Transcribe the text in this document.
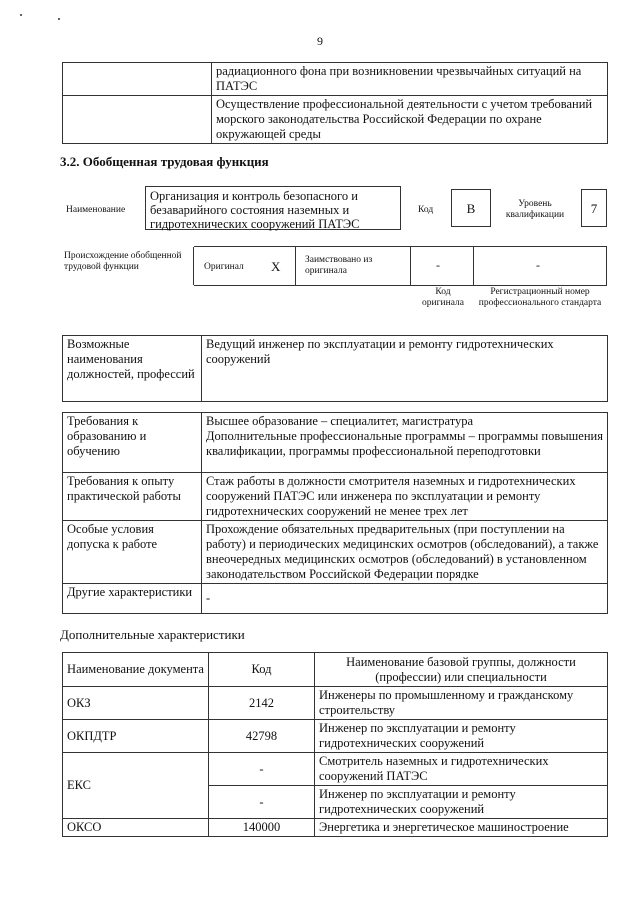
9
	радиационного фона при возникновении чрезвычайных ситуаций на ПАТЭС
	Осуществление профессиональной деятельности с учетом требований морского законодательства Российской Федерации по охране окружающей среды
3.2. Обобщенная трудовая функция
Наименование
Организация и контроль безопасного и безаварийного состояния наземных и гидротехнических сооружений ПАТЭС
Код	B	Уровень квалификации	7
Происхождение обобщенной трудовой функции	Оригинал X	Заимствовано из оригинала	-	-
Код оригинала
Регистрационный номер профессионального стандарта
Возможные наименования должностей, профессий	Ведущий инженер по эксплуатации и ремонту гидротехнических сооружений
Требования к образованию и обучению	Высшее образование – специалитет, магистратура
Дополнительные профессиональные программы – программы повышения квалификации, программы профессиональной переподготовки

Требования к опыту практической работы	Стаж работы в должности смотрителя наземных и гидротехнических сооружений ПАТЭС или инженера по эксплуатации и ремонту гидротехнических сооружений не менее трех лет
Особые условия допуска к работе	Прохождение обязательных предварительных (при поступлении на работу) и периодических медицинских осмотров (обследований), а также внеочередных медицинских осмотров (обследований) в установленном законодательством Российской Федерации порядке
Другие характеристики	-
Дополнительные характеристики
Наименование документа	Код	Наименование базовой группы, должности (профессии) или специальности
ОКЗ	2142	Инженеры по промышленному и гражданскому строительству
ОКПДТР	42798	Инженер по эксплуатации и ремонту гидротехнических сооружений
ЕКС	-	Смотритель наземных и гидротехнических сооружений ПАТЭС
	-	Инженер по эксплуатации и ремонту гидротехнических сооружений
ОКСО	140000	Энергетика и энергетическое машиностроение
